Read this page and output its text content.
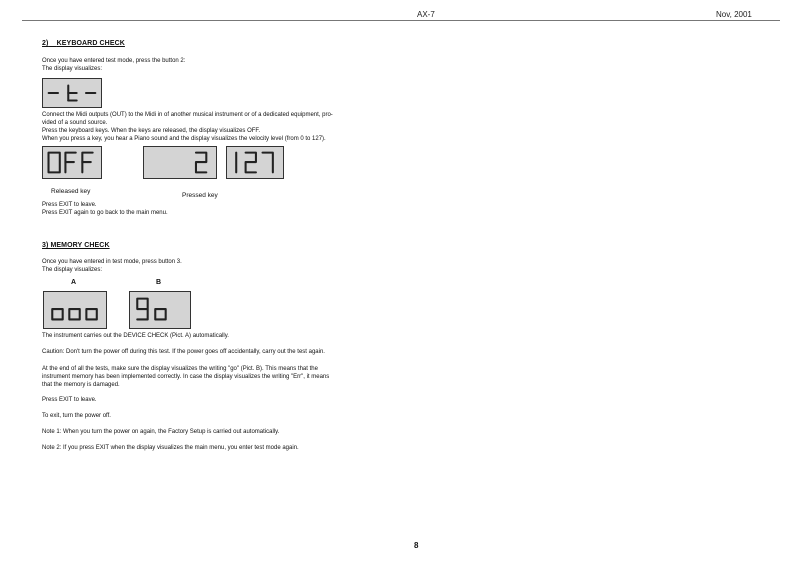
AX-7	Nov, 2001
2) KEYBOARD CHECK
Once you have entered test mode, press the button 2:
The display visualizes:
Connect the Midi outputs (OUT) to the Midi in of another musical instrument or of a dedicated equipment, pro-
vided of a sound source.
Press the keyboard keys. When the keys are released, the display visualizes OFF.
When you press a key, you hear a Piano sound and the display visualizes the velocity level (from 0 to 127).
Released key
Pressed key
Press EXIT to leave.
Press EXIT again to go back to the main menu.
3) MEMORY CHECK
Once you have entered in test mode, press button 3.
The display visualizes:
A	B
The instrument carries out the DEVICE CHECK (Pict. A) automatically.
Caution: Don't turn the power off during this test. If the power goes off accidentally, carry out the test again.
At the end of all the tests, make sure the display visualizes the writing "go" (Pict. B). This means that the
instrument memory has been implemented correctly. In case the display visualizes the writing "Err", it means
that the memory is damaged.
Press EXIT to leave.
To exit, turn the power off.
Note 1: When you turn the power on again, the Factory Setup is carried out automatically.
Note 2: If you press EXIT when the display visualizes the main menu, you enter test mode again.
8
